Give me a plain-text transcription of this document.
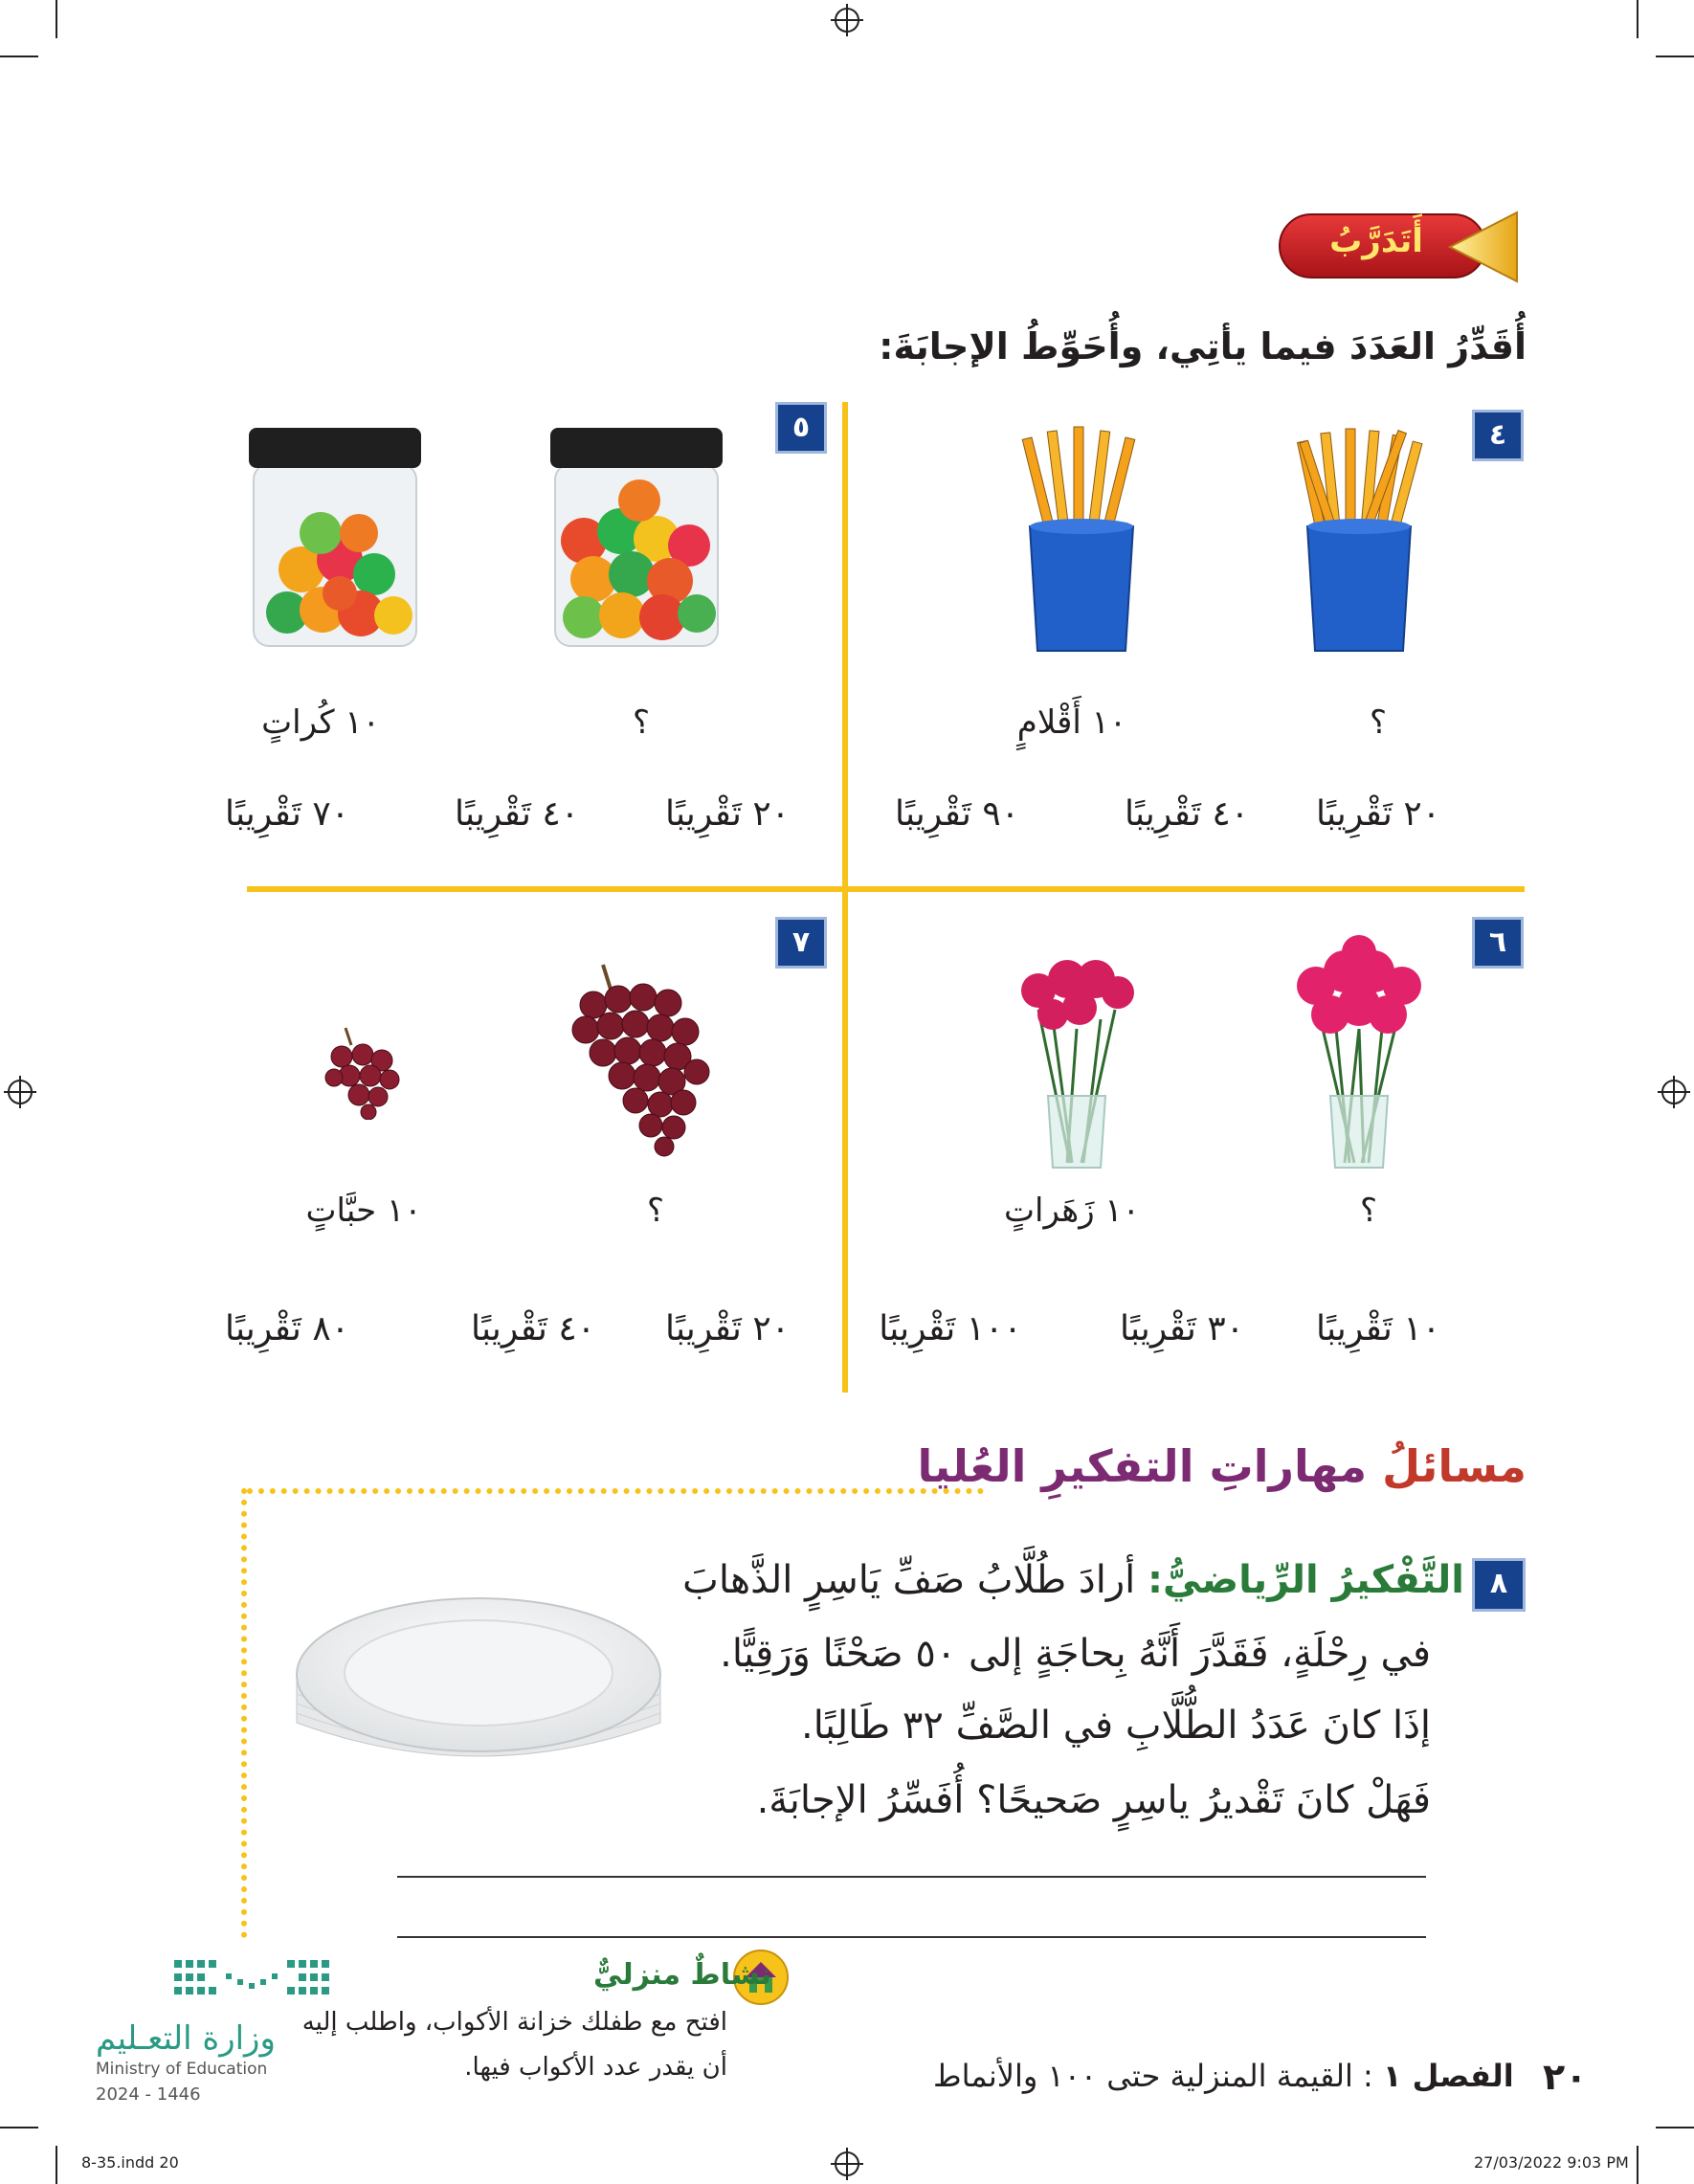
أَتَدَرَّبُ
أُقَدِّرُ العَدَدَ فيما يأتِي، وأُحَوِّطُ الإجابَةَ:
٤
؟
١٠ أَقْلامٍ
٢٠ تَقْرِيبًا
٤٠ تَقْرِيبًا
٩٠ تَقْرِيبًا
٥
؟
١٠ كُراتٍ
٢٠ تَقْرِيبًا
٤٠ تَقْرِيبًا
٧٠ تَقْرِيبًا
٦
؟
١٠ زَهَراتٍ
١٠ تَقْرِيبًا
٣٠ تَقْرِيبًا
١٠٠ تَقْرِيبًا
٧
؟
١٠ حبَّاتٍ
٢٠ تَقْرِيبًا
٤٠ تَقْرِيبًا
٨٠ تَقْرِيبًا
مسائلُ مهاراتِ التفكيرِ العُليا
٨
التَّفْكيرُ الرِّياضيُّ: أرادَ طُلَّابُ صَفِّ يَاسِرٍ الذَّهابَ
في رِحْلَةٍ، فَقَدَّرَ أَنَّهُ بِحاجَةٍ إلى ٥٠ صَحْنًا وَرَقِيًّا.
إذَا كانَ عَدَدُ الطُّلَّابِ في الصَّفِّ ٣٢ طَالِبًا.
فَهَلْ كانَ تَقْديرُ ياسِرٍ صَحيحًا؟ أُفَسِّرُ الإجابَةَ.
نشاطٌ منزليٌّ
افتح مع طفلك خزانة الأكواب، واطلب إليه
أن يقدر عدد الأكواب فيها.
وزارة التعـليم
Ministry of Education
2024 - 1446
الفصل ١ : القيمة المنزلية حتى ١٠٠ والأنماط	٢٠
8-35.indd 20	27/03/2022 9:03 PM
